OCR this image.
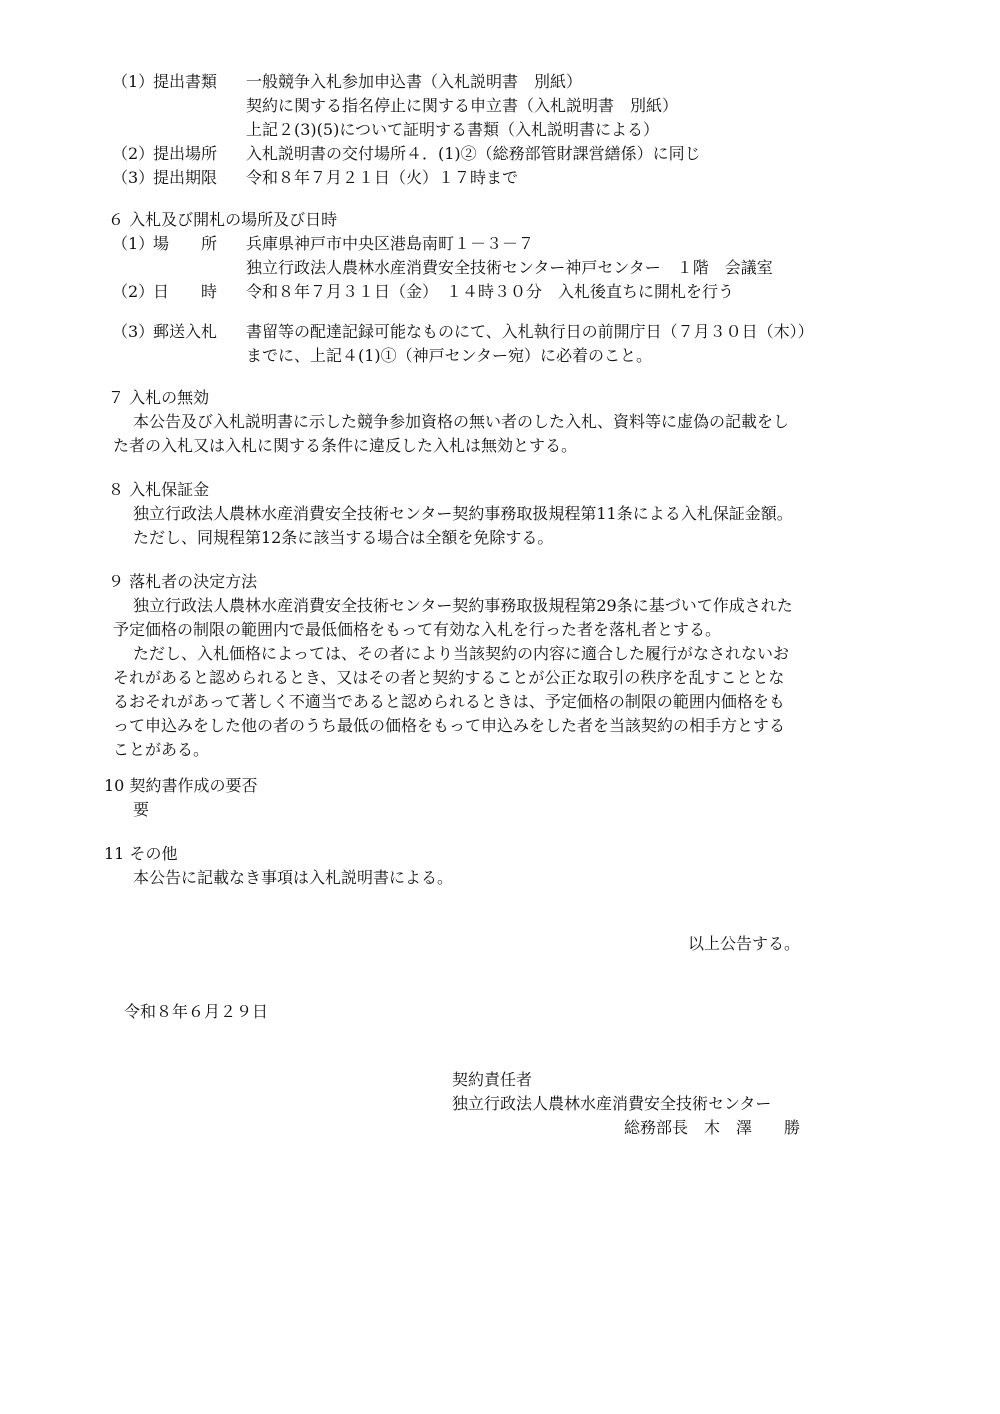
（1）
提出書類 一般競争入札参加申込書（入札説明書　別紙）
契約に関する指名停止に関する申立書（入札説明書　別紙）
上記２(3)(5)について証明する書類（入札説明書による）
（2）
提出場所 入札説明書の交付場所４．(1)②（総務部管財課営繕係）に同じ
（3）
提出期限 令和８年７月２１日（火）１７時まで
６ 入札及び開札の場所及び日時
（1）
場　　所 兵庫県神戸市中央区港島南町１－３－７
独立行政法人農林水産消費安全技術センター神戸センター　１階　会議室
（2）
日　　時 令和８年７月３１日（金）　１４時３０分　入札後直ちに開札を行う
（3）
郵送入札 書留等の配達記録可能なものにて、入札執行日の前開庁日（７月３０日（木））
までに、上記４(1)①（神戸センター宛）に必着のこと。
７ 入札の無効
本公告及び入札説明書に示した競争参加資格の無い者のした入札、資料等に虚偽の記載をし
た者の入札又は入札に関する条件に違反した入札は無効とする。
８ 入札保証金
独立行政法人農林水産消費安全技術センター契約事務取扱規程第11条による入札保証金額。
ただし、同規程第12条に該当する場合は全額を免除する。
９ 落札者の決定方法
独立行政法人農林水産消費安全技術センター契約事務取扱規程第29条に基づいて作成された
予定価格の制限の範囲内で最低価格をもって有効な入札を行った者を落札者とする。
ただし、入札価格によっては、その者により当該契約の内容に適合した履行がなされないお
それがあると認められるとき、又はその者と契約することが公正な取引の秩序を乱すこととな
るおそれがあって著しく不適当であると認められるときは、予定価格の制限の範囲内価格をも
って申込みをした他の者のうち最低の価格をもって申込みをした者を当該契約の相手方とする
ことがある。
10 契約書作成の要否
要
11 その他
本公告に記載なき事項は入札説明書による。
以上公告する。
令和８年６月２９日
契約責任者
独立行政法人農林水産消費安全技術センター
総務部長　木　澤　　勝
